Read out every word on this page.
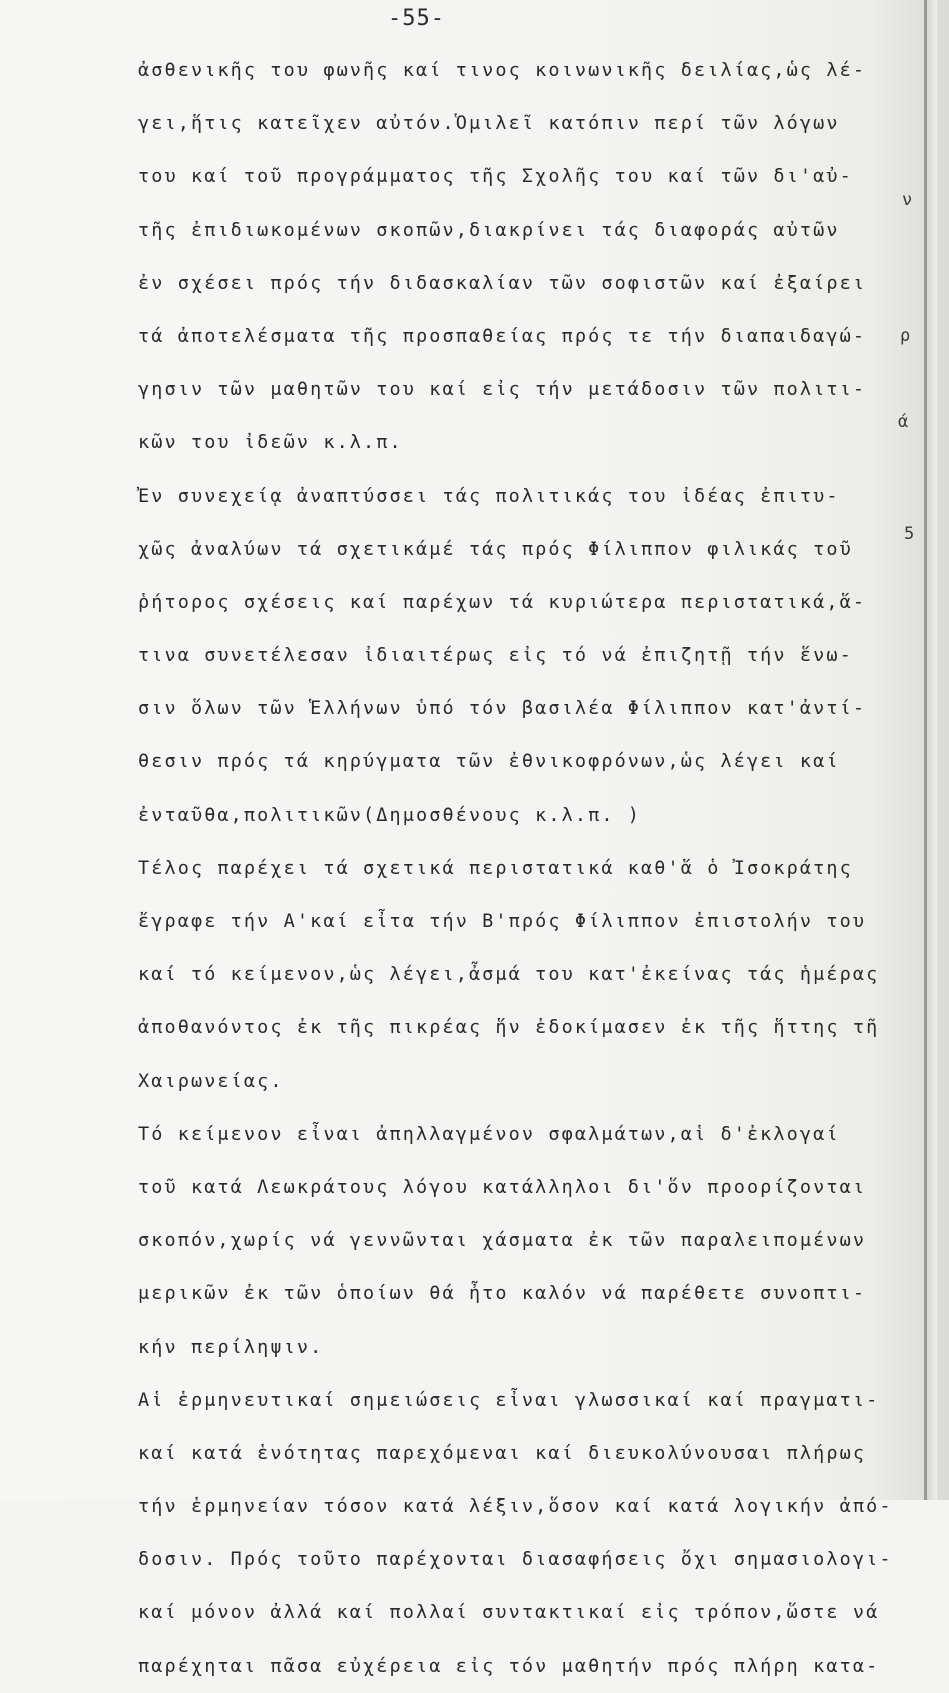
-55-
ἀσθενικῆς του φωνῆς καί τινος κοινωνικῆς δειλίας,ὡς λέ-
γει,ἥτις κατεῖχεν αὐτόν.Ὁμιλεῖ κατόπιν περί τῶν λόγων
του καί τοῦ προγράμματος τῆς Σχολῆς του καί τῶν δι'αὐ-
τῆς ἐπιδιωκομένων σκοπῶν,διακρίνει τάς διαφοράς αὐτῶν
ἐν σχέσει πρός τήν διδασκαλίαν τῶν σοφιστῶν καί ἐξαίρει
τά ἀποτελέσματα τῆς προσπαθείας πρός τε τήν διαπαιδαγώ-
γησιν τῶν μαθητῶν του καί εἰς τήν μετάδοσιν τῶν πολιτι-
κῶν του ἰδεῶν κ.λ.π.
Ἐν συνεχείᾳ ἀναπτύσσει τάς πολιτικάς του ἰδέας ἐπιτυ-
χῶς ἀναλύων τά σχετικάμέ τάς πρός Φίλιππον φιλικάς τοῦ
ῥήτορος σχέσεις καί παρέχων τά κυριώτερα περιστατικά,ἅ-
τινα συνετέλεσαν ἰδιαιτέρως εἰς τό νά ἐπιζητῇ τήν ἕνω-
σιν ὅλων τῶν Ἑλλήνων ὑπό τόν βασιλέα Φίλιππον κατ'ἀντί-
θεσιν πρός τά κηρύγματα τῶν ἐθνικοφρόνων,ὡς λέγει καί
ἐνταῦθα,πολιτικῶν(Δημοσθένους κ.λ.π. )
Τέλος παρέχει τά σχετικά περιστατικά καθ'ἅ ὁ Ἰσοκράτης
ἔγραφε τήν Α'καί εἶτα τήν Β'πρός Φίλιππον ἐπιστολήν του
καί τό κείμενον,ὡς λέγει,ἆσμά του κατ'ἐκείνας τάς ἡμέρας
ἀποθανόντος ἐκ τῆς πικρέας ἥν ἐδοκίμασεν ἐκ τῆς ἥττης τῆ
Χαιρωνείας.
Τό κείμενον εἶναι ἀπηλλαγμένον σφαλμάτων,αἱ δ'ἐκλογαί
τοῦ κατά Λεωκράτους λόγου κατάλληλοι δι'ὅν προορίζονται
σκοπόν,χωρίς νά γεννῶνται χάσματα ἐκ τῶν παραλειπομένων
μερικῶν ἐκ τῶν ὁποίων θά ἦτο καλόν νά παρέθετε συνοπτι-
κήν περίληψιν.
Αἱ ἑρμηνευτικαί σημειώσεις εἶναι γλωσσικαί καί πραγματι-
καί κατά ἑνότητας παρεχόμεναι καί διευκολύνουσαι πλήρως
τήν ἑρμηνείαν τόσον κατά λέξιν,ὅσον καί κατά λογικήν ἀπό-
δοσιν. Πρός τοῦτο παρέχονται διασαφήσεις ὄχι σημασιολογι-
καί μόνον ἀλλά καί πολλαί συντακτικαί εἰς τρόπον,ὥστε νά
παρέχηται πᾶσα εὐχέρεια εἰς τόν μαθητήν πρός πλήρη κατα-
ν
ρ
ά
5
